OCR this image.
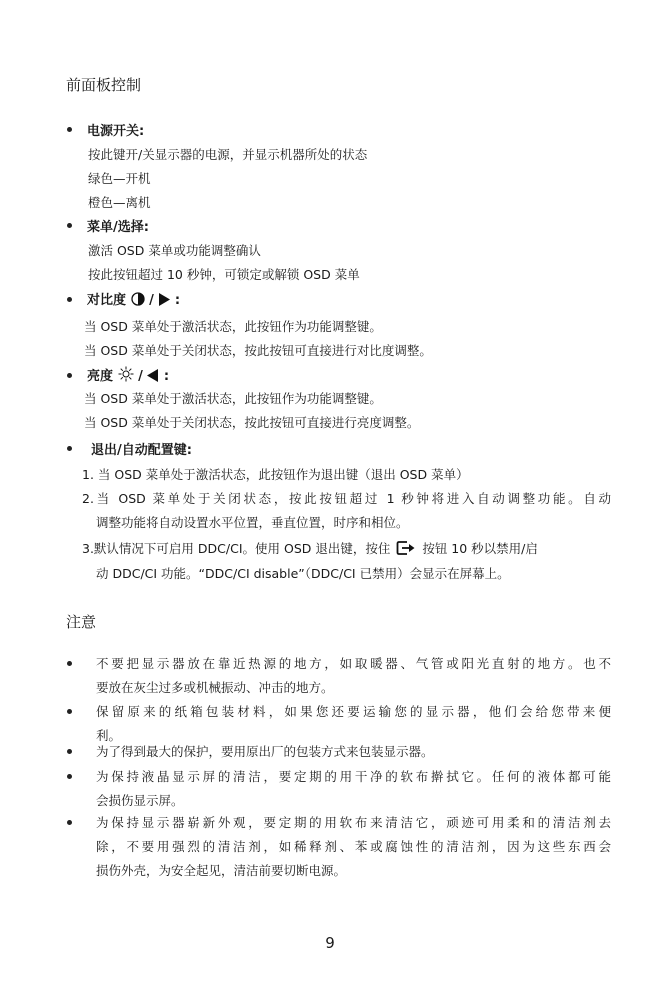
前面板控制
电源开关:
按此键开/关显示器的电源，并显示机器所处的状态
绿色—开机
橙色—离机
菜单/选择:
激活 OSD 菜单或功能调整确认
按此按钮超过 10 秒钟，可锁定或解锁 OSD 菜单
对比度 / :
当 OSD 菜单处于激活状态，此按钮作为功能调整键。
当 OSD 菜单处于关闭状态，按此按钮可直接进行对比度调整。
亮度 / :
当 OSD 菜单处于激活状态，此按钮作为功能调整键。
当 OSD 菜单处于关闭状态，按此按钮可直接进行亮度调整。
退出/自动配置键:
1. 当 OSD 菜单处于激活状态，此按钮作为退出键（退出 OSD 菜单）
2.当 OSD 菜单处于关闭状态，按此按钮超过 1 秒钟将进入自动调整功能。自动
调整功能将自动设置水平位置，垂直位置，时序和相位。
3.默认情况下可启用 DDC/CI。使用 OSD 退出键，按住	按钮 10 秒以禁用/启
动 DDC/CI 功能。“DDC/CI disable”（DDC/CI 已禁用）会显示在屏幕上。
注意
不要把显示器放在靠近热源的地方，如取暖器、气管或阳光直射的地方。也不
要放在灰尘过多或机械振动、冲击的地方。
保留原来的纸箱包装材料，如果您还要运输您的显示器，他们会给您带来便
利。
为了得到最大的保护，要用原出厂的包装方式来包装显示器。
为保持液晶显示屏的清洁，要定期的用干净的软布擀拭它。任何的液体都可能
会损伤显示屏。
为保持显示器崭新外观，要定期的用软布来清洁它，顽迹可用柔和的清洁剂去
除，不要用强烈的清洁剂，如稀释剂、苯或腐蚀性的清洁剂，因为这些东西会
损伤外壳，为安全起见，清洁前要切断电源。
9
